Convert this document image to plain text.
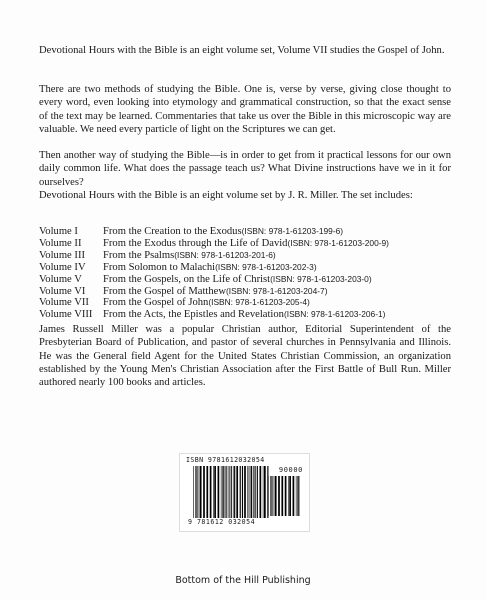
Devotional Hours with the Bible is an eight volume set, Volume VII studies the Gospel of John.

There are two methods of studying the Bible. One is, verse by verse, giving close thought to every word, even looking into etymology and grammatical construction, so that the exact sense of the text may be learned. Commentaries that take us over the Bible in this microscopic way are valuable. We need every particle of light on the Scriptures we can get.

Then another way of studying the Bible—is in order to get from it practical lessons for our own daily common life. What does the passage teach us? What Divine instructions have we in it for ourselves?

Devotional Hours with the Bible is an eight volume set by J. R. Miller. The set includes:

Volume I	From the Creation to the Exodus (ISBN: 978-1-61203-199-6)
Volume II	From the Exodus through the Life of David (ISBN: 978-1-61203-200-9)
Volume III	From the Psalms (ISBN: 978-1-61203-201-6)
Volume IV	From Solomon to Malachi (ISBN: 978-1-61203-202-3)
Volume V	From the Gospels, on the Life of Christ (ISBN: 978-1-61203-203-0)
Volume VI	From the Gospel of Matthew (ISBN: 978-1-61203-204-7)
Volume VII	From the Gospel of John (ISBN: 978-1-61203-205-4)
Volume VIII From the Acts, the Epistles and Revelation (ISBN: 978-1-61203-206-1)

James Russell Miller was a popular Christian author, Editorial Superintendent of the Presbyterian Board of Publication, and pastor of several churches in Pennsylvania and Illinois. He was the General field Agent for the United States Christian Commission, an organization established by the Young Men's Christian Association after the First Battle of Bull Run. Miller authored nearly 100 books and articles.

ISBN 9781612032054
90000
9 781612 032054
Bottom of the Hill Publishing
